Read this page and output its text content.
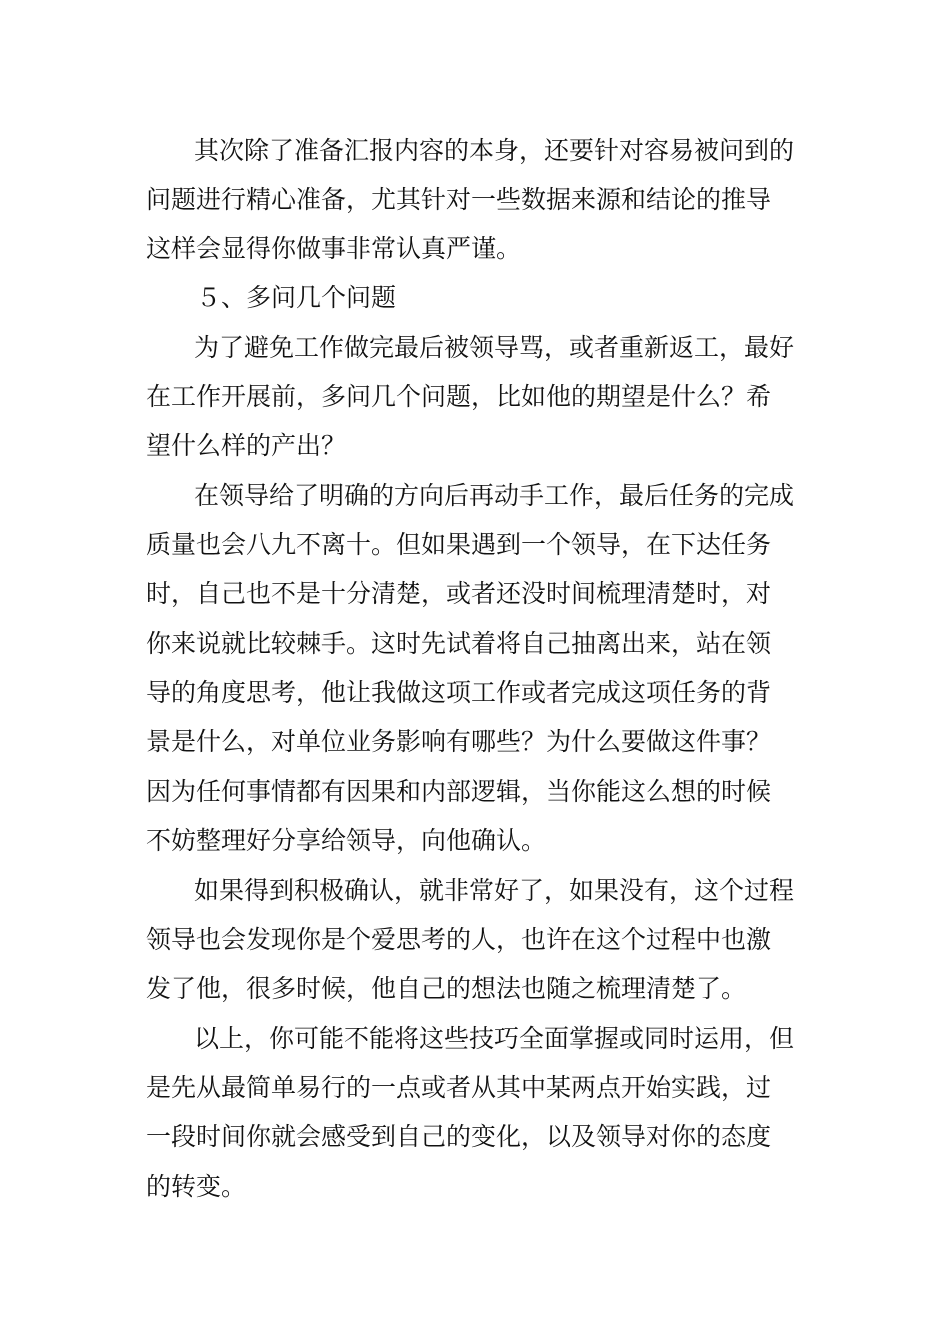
其次除了准备汇报内容的本身，还要针对容易被问到的

问题进行精心准备，尤其针对一些数据来源和结论的推导

这样会显得你做事非常认真严谨。

５、多问几个问题

为了避免工作做完最后被领导骂，或者重新返工，最好

在工作开展前，多问几个问题，比如他的期望是什么？希

望什么样的产出？

在领导给了明确的方向后再动手工作，最后任务的完成

质量也会八九不离十。但如果遇到一个领导，在下达任务

时，自己也不是十分清楚，或者还没时间梳理清楚时，对

你来说就比较棘手。这时先试着将自己抽离出来，站在领

导的角度思考，他让我做这项工作或者完成这项任务的背

景是什么，对单位业务影响有哪些？为什么要做这件事？

因为任何事情都有因果和内部逻辑，当你能这么想的时候

不妨整理好分享给领导，向他确认。

如果得到积极确认，就非常好了，如果没有，这个过程

领导也会发现你是个爱思考的人，也许在这个过程中也激

发了他，很多时候，他自己的想法也随之梳理清楚了。

以上，你可能不能将这些技巧全面掌握或同时运用，但

是先从最简单易行的一点或者从其中某两点开始实践，过

一段时间你就会感受到自己的变化，以及领导对你的态度

的转变。
